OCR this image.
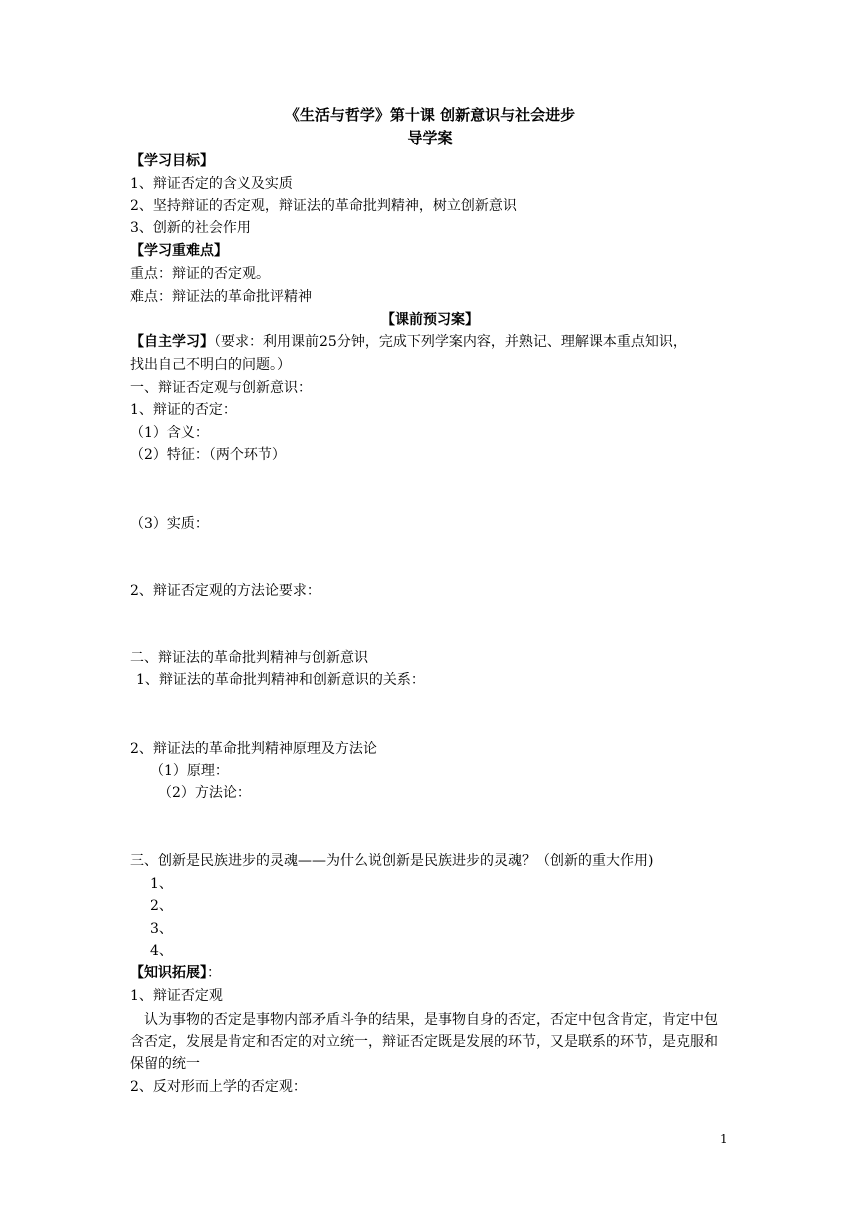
《生活与哲学》第十课 创新意识与社会进步
导学案
【学习目标】
1、辩证否定的含义及实质
2、坚持辩证的否定观，辩证法的革命批判精神，树立创新意识
3、创新的社会作用
【学习重难点】
重点：辩证的否定观。
难点：辩证法的革命批评精神
【课前预习案】
【自主学习】（要求：利用课前25分钟，完成下列学案内容，并熟记、理解课本重点知识，
找出自己不明白的问题。）
一、辩证否定观与创新意识：
1、辩证的否定：
（1）含义：
（2）特征：（两个环节）
（3）实质：
2、辩证否定观的方法论要求：
二、辩证法的革命批判精神与创新意识
1、辩证法的革命批判精神和创新意识的关系：
2、辩证法的革命批判精神原理及方法论
（1）原理：
（2）方法论：
三、创新是民族进步的灵魂——为什么说创新是民族进步的灵魂？（创新的重大作用)
1、
2、
3、
4、
【知识拓展】：
1、辩证否定观
认为事物的否定是事物内部矛盾斗争的结果，是事物自身的否定，否定中包含肯定，肯定中包含否定，发展是肯定和否定的对立统一，辩证否定既是发展的环节，又是联系的环节，是克服和保留的统一
2、反对形而上学的否定观：
1
